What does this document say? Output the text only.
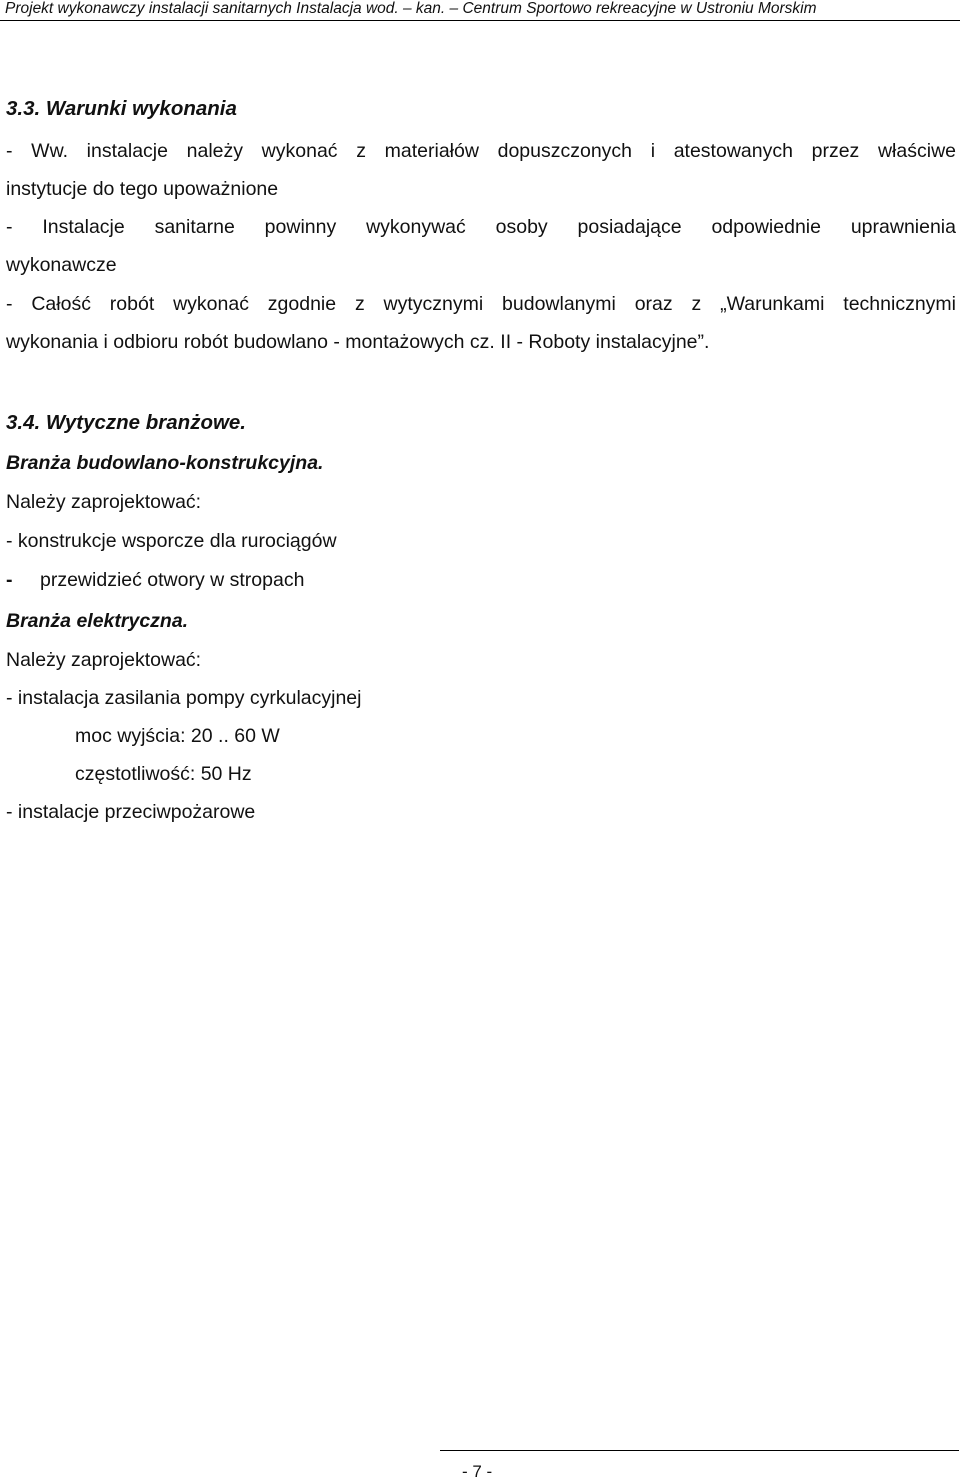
Projekt wykonawczy instalacji sanitarnych Instalacja wod. – kan. – Centrum Sportowo rekreacyjne w Ustroniu Morskim
3.3. Warunki wykonania
- Ww. instalacje należy wykonać z materiałów dopuszczonych i atestowanych przez właściwe
instytucje do tego upoważnione
- Instalacje sanitarne powinny wykonywać osoby posiadające odpowiednie uprawnienia
wykonawcze
- Całość robót wykonać zgodnie z wytycznymi budowlanymi oraz z „Warunkami technicznymi
wykonania i odbioru robót budowlano - montażowych cz. II - Roboty instalacyjne”.
3.4. Wytyczne branżowe.
Branża budowlano-konstrukcyjna.
Należy zaprojektować:
- konstrukcje wsporcze dla rurociągów
- przewidzieć otwory w stropach
Branża elektryczna.
Należy zaprojektować:
- instalacja zasilania pompy cyrkulacyjnej
moc wyjścia: 20 .. 60 W
częstotliwość: 50 Hz
- instalacje przeciwpożarowe
- 7 -
